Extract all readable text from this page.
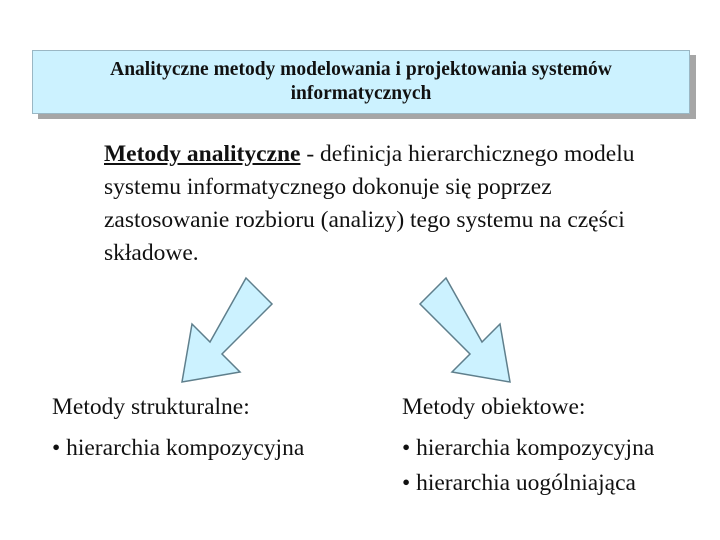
Analityczne metody modelowania i projektowania systemów
informatycznych
Metody analityczne - definicja hierarchicznego modelu systemu informatycznego dokonuje się poprzez zastosowanie rozbioru (analizy) tego systemu na części składowe.
Metody strukturalne:
• hierarchia kompozycyjna
Metody obiektowe:
• hierarchia kompozycyjna
• hierarchia uogólniająca
